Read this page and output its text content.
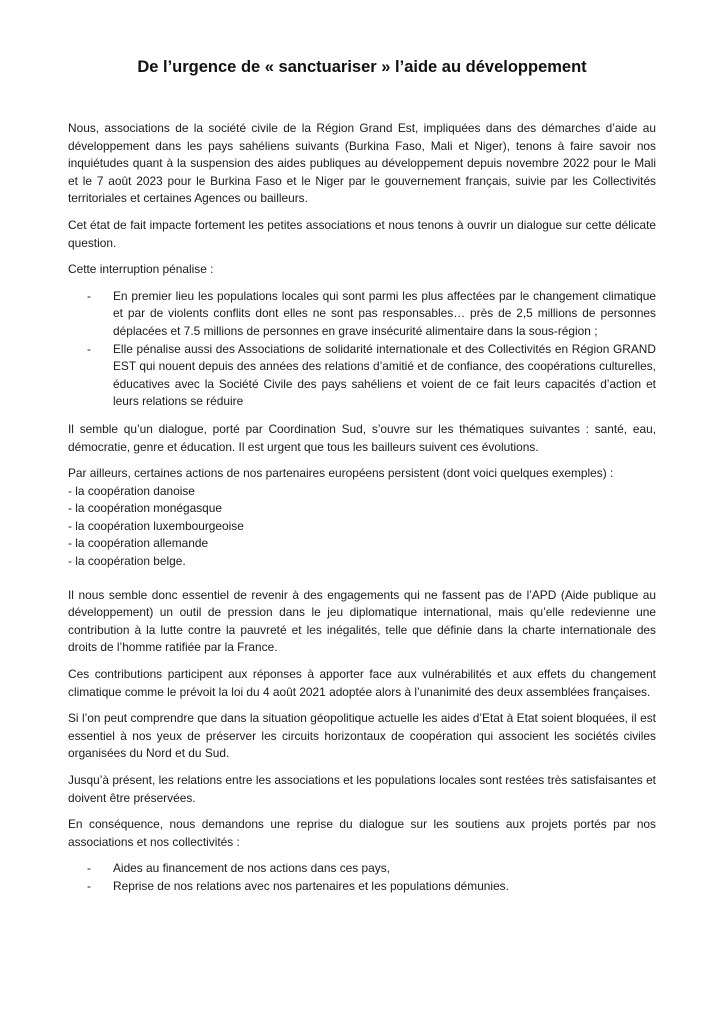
De l’urgence de « sanctuariser » l’aide au développement

Nous, associations de la société civile de la Région Grand Est, impliquées dans des démarches d’aide au développement dans les pays sahéliens suivants (Burkina Faso, Mali et Niger), tenons à faire savoir nos inquiétudes quant à la suspension des aides publiques au développement depuis novembre 2022 pour le Mali et le 7 août 2023 pour le Burkina Faso et le Niger par le gouvernement français, suivie par les Collectivités territoriales et certaines Agences ou bailleurs.

Cet état de fait impacte fortement les petites associations et nous tenons à ouvrir un dialogue sur cette délicate question.

Cette interruption pénalise :

-	En premier lieu les populations locales qui sont parmi les plus affectées par le changement climatique et par de violents conflits dont elles ne sont pas responsables… près de 2,5 millions de personnes déplacées et 7.5 millions de personnes en grave insécurité alimentaire dans la sous-région ;
-	Elle pénalise aussi des Associations de solidarité internationale et des Collectivités en Région GRAND EST qui nouent depuis des années des relations d’amitié et de confiance, des coopérations culturelles, éducatives avec la Société Civile des pays sahéliens et voient de ce fait leurs capacités d’action et leurs relations se réduire

Il semble qu’un dialogue, porté par Coordination Sud, s’ouvre sur les thématiques suivantes : santé, eau, démocratie, genre et éducation. Il est urgent que tous les bailleurs suivent ces évolutions.

Par ailleurs, certaines actions de nos partenaires européens persistent (dont voici quelques exemples) :

- la coopération danoise
- la coopération monégasque
- la coopération luxembourgeoise
- la coopération allemande
- la coopération belge.

Il nous semble donc essentiel de revenir à des engagements qui ne fassent pas de l’APD (Aide publique au développement) un outil de pression dans le jeu diplomatique international, mais qu’elle redevienne une contribution à la lutte contre la pauvreté et les inégalités, telle que définie dans la charte internationale des droits de l’homme ratifiée par la France.

Ces contributions participent aux réponses à apporter face aux vulnérabilités et aux effets du changement climatique comme le prévoit la loi du 4 août 2021 adoptée alors à l’unanimité des deux assemblées françaises.

Si l’on peut comprendre que dans la situation géopolitique actuelle les aides d’Etat à Etat soient bloquées, il est essentiel à nos yeux de préserver les circuits horizontaux de coopération qui associent les sociétés civiles organisées du Nord et du Sud.

Jusqu’à présent, les relations entre les associations et les populations locales sont restées très satisfaisantes et doivent être préservées.

En conséquence, nous demandons une reprise du dialogue sur les soutiens aux projets portés par nos associations et nos collectivités :

-	Aides au financement de nos actions dans ces pays,
-	Reprise de nos relations avec nos partenaires et les populations démunies.
